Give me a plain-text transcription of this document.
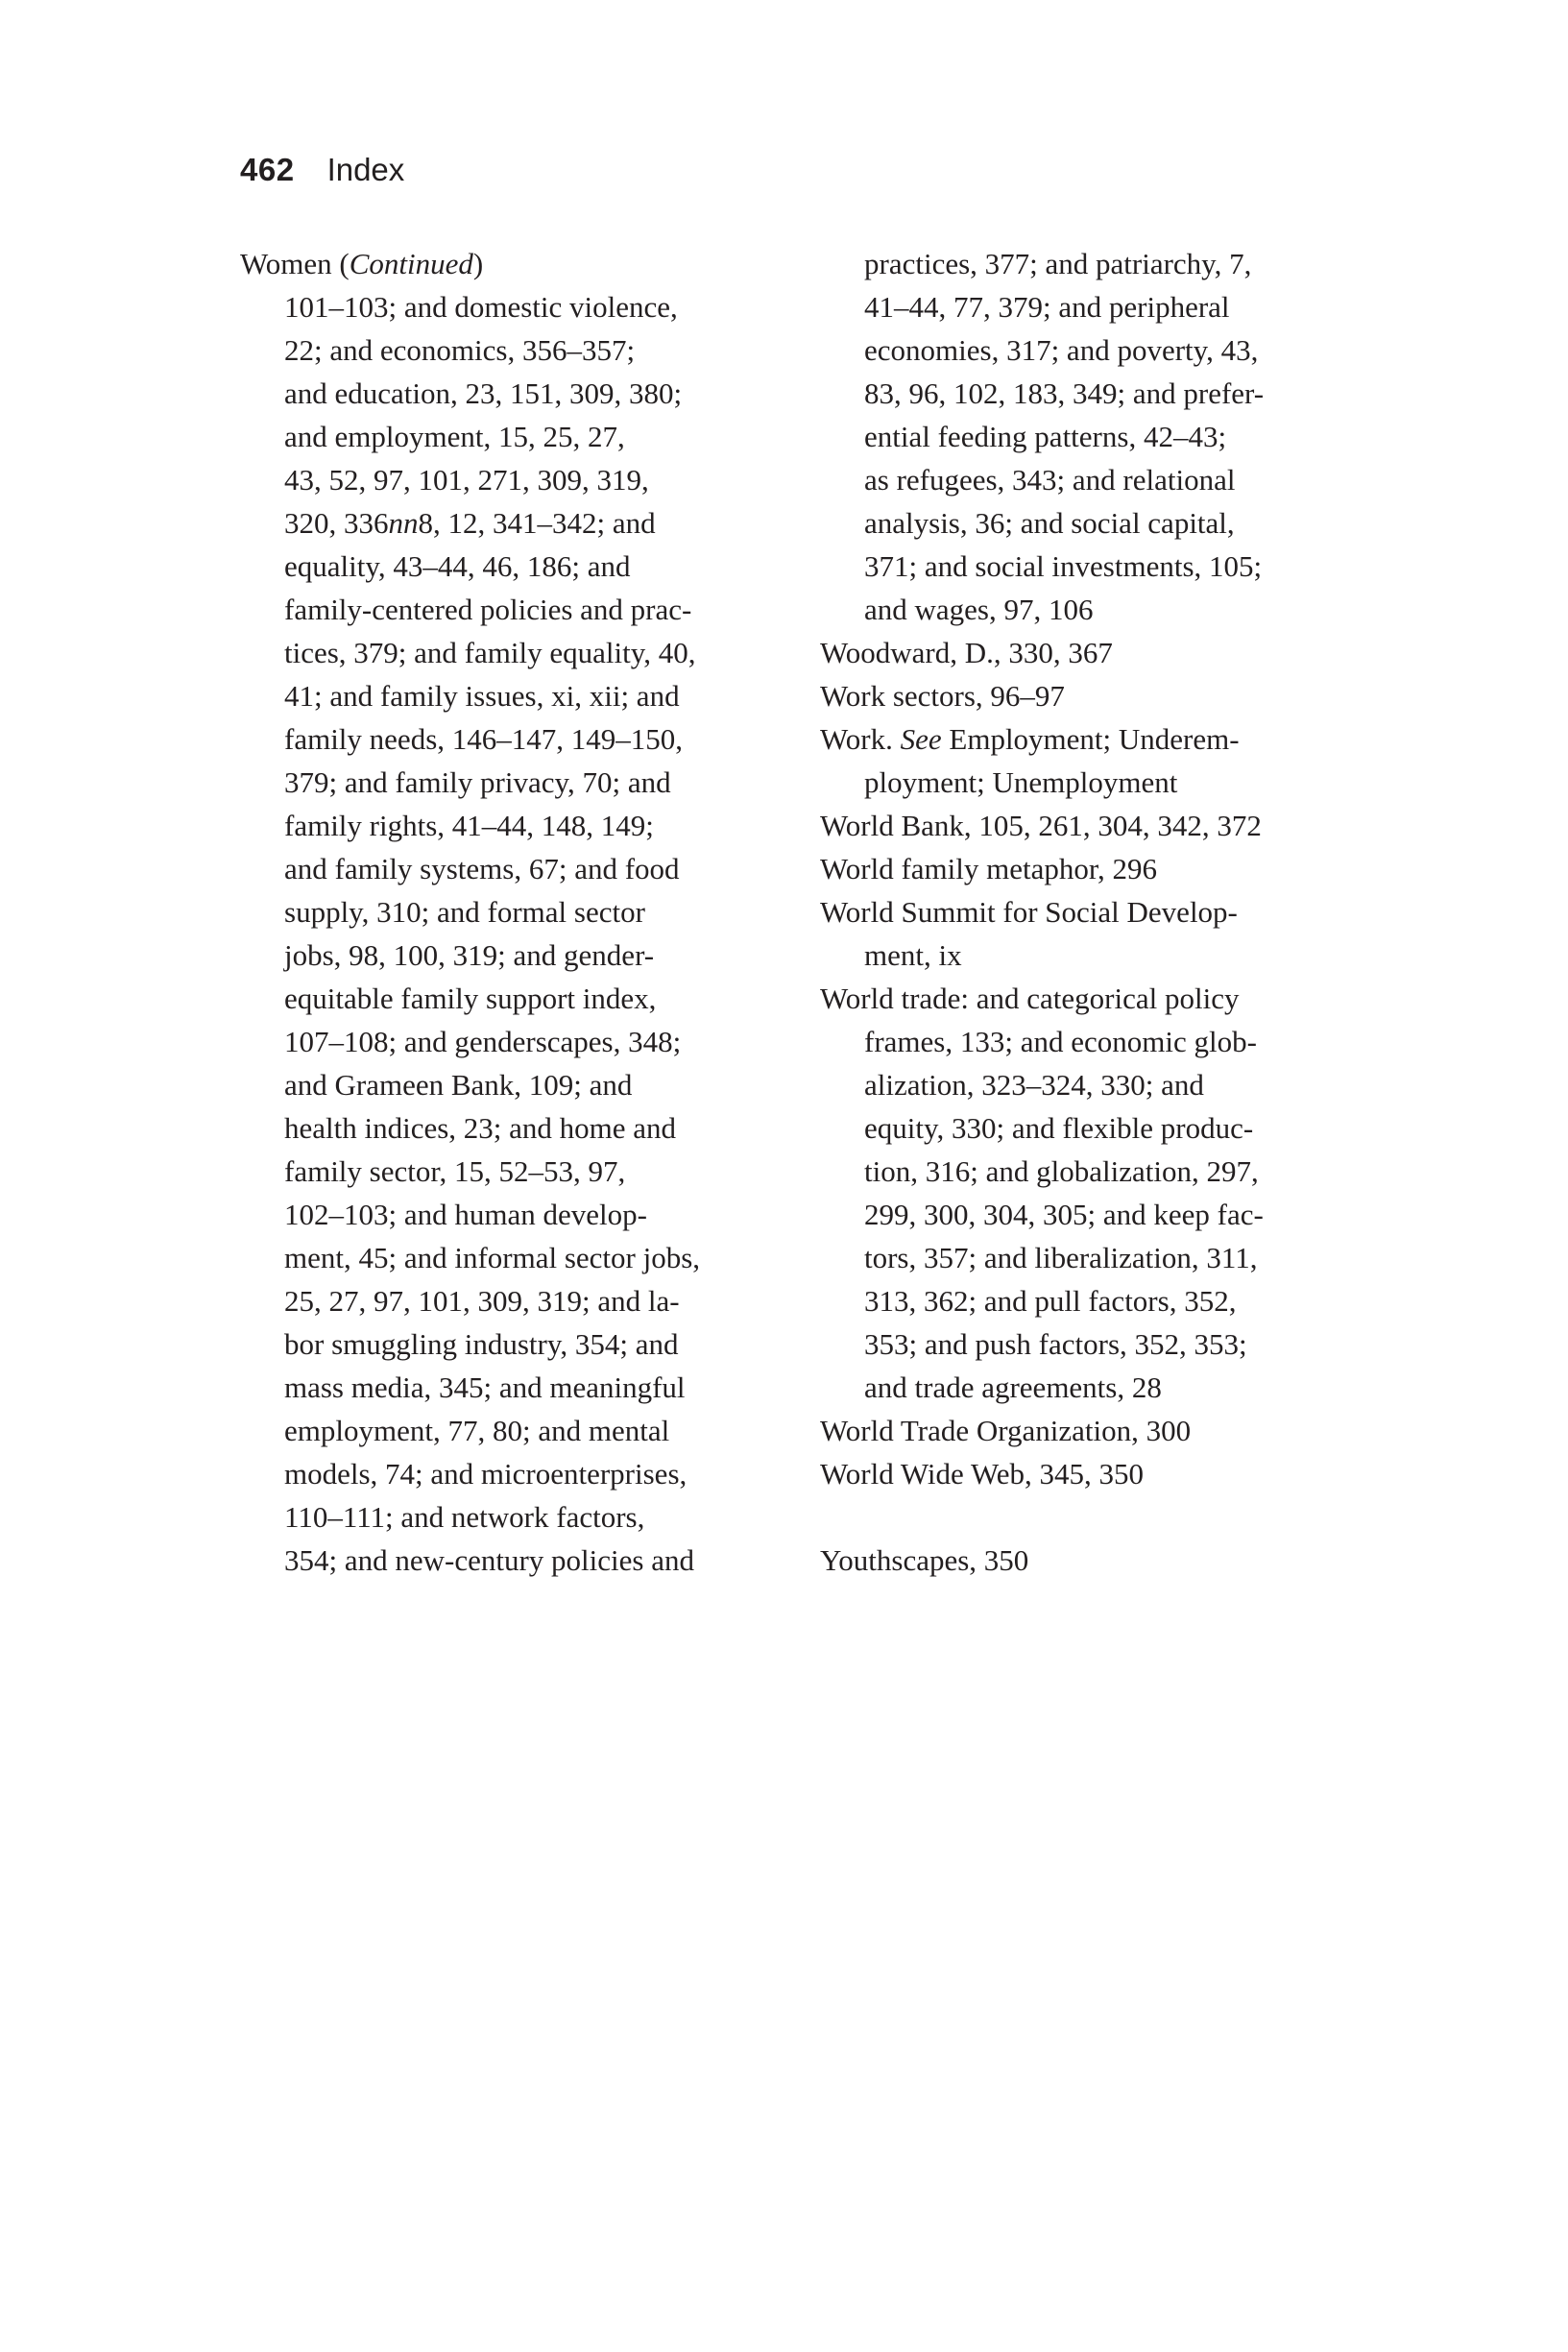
462 Index
Women (Continued)
101–103; and domestic violence,
22; and economics, 356–357;
and education, 23, 151, 309, 380;
and employment, 15, 25, 27,
43, 52, 97, 101, 271, 309, 319,
320, 336nn8, 12, 341–342; and
equality, 43–44, 46, 186; and
family-centered policies and prac-
tices, 379; and family equality, 40,
41; and family issues, xi, xii; and
family needs, 146–147, 149–150,
379; and family privacy, 70; and
family rights, 41–44, 148, 149;
and family systems, 67; and food
supply, 310; and formal sector
jobs, 98, 100, 319; and gender-
equitable family support index,
107–108; and genderscapes, 348;
and Grameen Bank, 109; and
health indices, 23; and home and
family sector, 15, 52–53, 97,
102–103; and human develop-
ment, 45; and informal sector jobs,
25, 27, 97, 101, 309, 319; and la-
bor smuggling industry, 354; and
mass media, 345; and meaningful
employment, 77, 80; and mental
models, 74; and microenterprises,
110–111; and network factors,
354; and new-century policies and
practices, 377; and patriarchy, 7,
41–44, 77, 379; and peripheral
economies, 317; and poverty, 43,
83, 96, 102, 183, 349; and prefer-
ential feeding patterns, 42–43;
as refugees, 343; and relational
analysis, 36; and social capital,
371; and social investments, 105;
and wages, 97, 106
Woodward, D., 330, 367
Work sectors, 96–97
Work. See Employment; Underem-
ployment; Unemployment
World Bank, 105, 261, 304, 342, 372
World family metaphor, 296
World Summit for Social Develop-
ment, ix
World trade: and categorical policy
frames, 133; and economic glob-
alization, 323–324, 330; and
equity, 330; and flexible produc-
tion, 316; and globalization, 297,
299, 300, 304, 305; and keep fac-
tors, 357; and liberalization, 311,
313, 362; and pull factors, 352,
353; and push factors, 352, 353;
and trade agreements, 28
World Trade Organization, 300
World Wide Web, 345, 350
Youthscapes, 350
